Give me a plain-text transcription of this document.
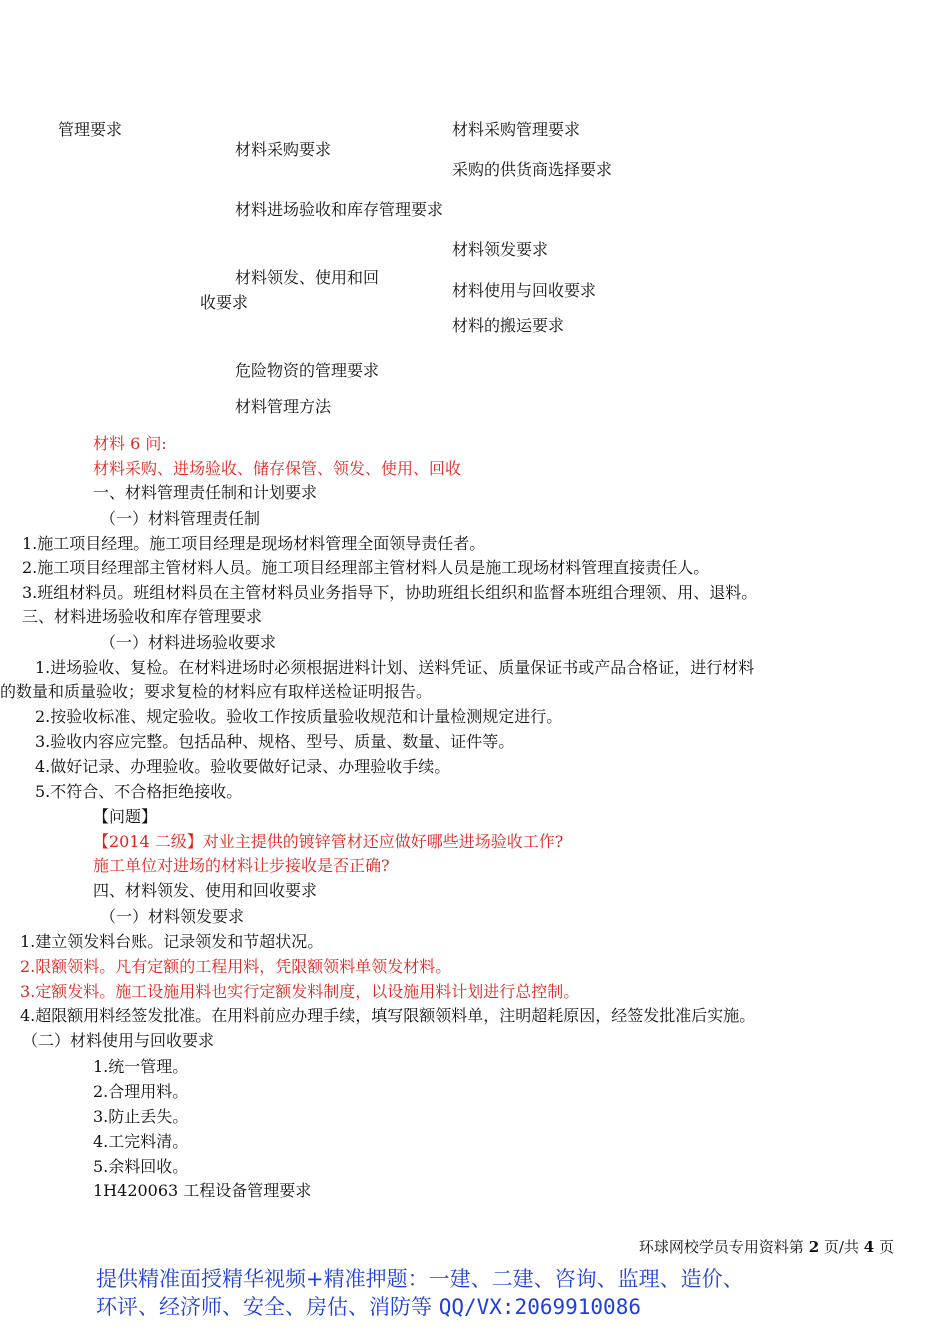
管理要求
材料采购要求
材料采购管理要求
采购的供货商选择要求
材料进场验收和库存管理要求
材料领发要求
材料领发、使用和回
材料使用与回收要求
收要求
材料的搬运要求
危险物资的管理要求
材料管理方法
材料 6 问:
材料采购、进场验收、储存保管、领发、使用、回收
一、材料管理责任制和计划要求
（一）材料管理责任制
1.施工项目经理。施工项目经理是现场材料管理全面领导责任者。
2.施工项目经理部主管材料人员。施工项目经理部主管材料人员是施工现场材料管理直接责任人。
3.班组材料员。班组材料员在主管材料员业务指导下，协助班组长组织和监督本班组合理领、用、退料。
三、材料进场验收和库存管理要求
（一）材料进场验收要求
1.进场验收、复检。在材料进场时必须根据进料计划、送料凭证、质量保证书或产品合格证，进行材料
的数量和质量验收；要求复检的材料应有取样送检证明报告。
2.按验收标准、规定验收。验收工作按质量验收规范和计量检测规定进行。
3.验收内容应完整。包括品种、规格、型号、质量、数量、证件等。
4.做好记录、办理验收。验收要做好记录、办理验收手续。
5.不符合、不合格拒绝接收。
【问题】
【2014 二级】对业主提供的镀锌管材还应做好哪些进场验收工作?
施工单位对进场的材料让步接收是否正确?
四、材料领发、使用和回收要求
（一）材料领发要求
1.建立领发料台账。记录领发和节超状况。
2.限额领料。凡有定额的工程用料，凭限额领料单领发材料。
3.定额发料。施工设施用料也实行定额发料制度，以设施用料计划进行总控制。
4.超限额用料经签发批准。在用料前应办理手续，填写限额领料单，注明超耗原因，经签发批准后实施。
（二）材料使用与回收要求
1.统一管理。
2.合理用料。
3.防止丢失。
4.工完料清。
5.余料回收。
1H420063 工程设备管理要求
环球网校学员专用资料第 2 页/共 4 页
提供精准面授精华视频+精准押题：一建、二建、咨询、监理、造价、
环评、经济师、安全、房估、消防等 QQ/VX:2069910086
